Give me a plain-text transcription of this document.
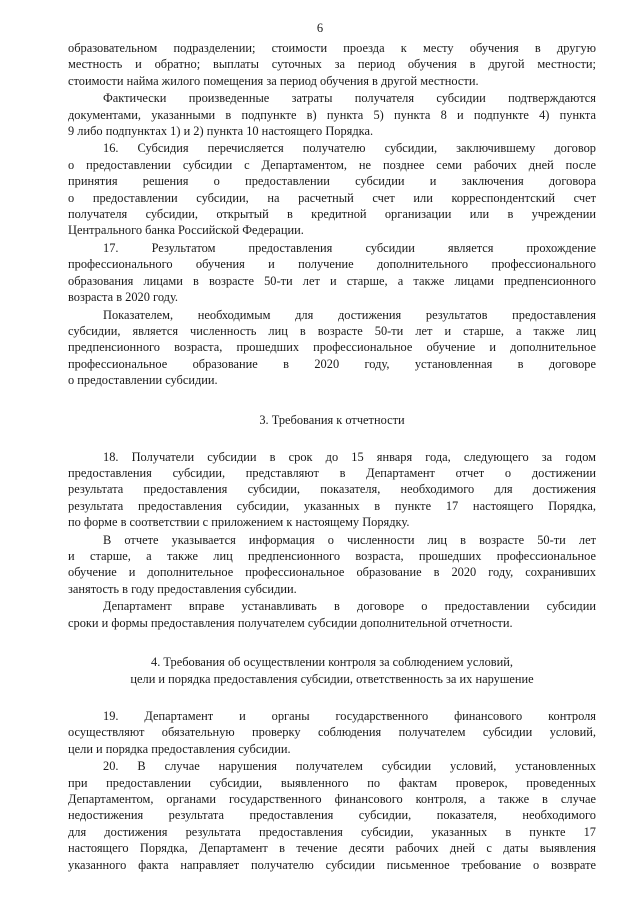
6
образовательном подразделении; стоимости проезда к месту обучения в другую
местность и обратно; выплаты суточных за период обучения в другой местности;
стоимости найма жилого помещения за период обучения в другой местности.
Фактически произведенные затраты получателя субсидии подтверждаются
документами, указанными в подпункте в) пункта 5) пункта 8 и подпункте 4) пункта
9 либо подпунктах 1) и 2) пункта 10 настоящего Порядка.
16. Субсидия перечисляется получателю субсидии, заключившему договор
о предоставлении субсидии с Департаментом, не позднее семи рабочих дней после
принятия решения о предоставлении субсидии и заключения договора
о предоставлении субсидии, на расчетный счет или корреспондентский счет
получателя субсидии, открытый в кредитной организации или в учреждении
Центрального банка Российской Федерации.
17. Результатом предоставления субсидии является прохождение
профессионального обучения и получение дополнительного профессионального
образования лицами в возрасте 50-ти лет и старше, а также лицами предпенсионного
возраста в 2020 году.
Показателем, необходимым для достижения результатов предоставления
субсидии, является численность лиц в возрасте 50-ти лет и старше, а также лиц
предпенсионного возраста, прошедших профессиональное обучение и дополнительное
профессиональное образование в 2020 году, установленная в договоре
о предоставлении субсидии.
3. Требования к отчетности
18. Получатели субсидии в срок до 15 января года, следующего за годом
предоставления субсидии, представляют в Департамент отчет о достижении
результата предоставления субсидии, показателя, необходимого для достижения
результата предоставления субсидии, указанных в пункте 17 настоящего Порядка,
по форме в соответствии с приложением к настоящему Порядку.
В отчете указывается информация о численности лиц в возрасте 50-ти лет
и старше, а также лиц предпенсионного возраста, прошедших профессиональное
обучение и дополнительное профессиональное образование в 2020 году, сохранивших
занятость в году предоставления субсидии.
Департамент вправе устанавливать в договоре о предоставлении субсидии
сроки и формы предоставления получателем субсидии дополнительной отчетности.
4. Требования об осуществлении контроля за соблюдением условий,
цели и порядка предоставления субсидии, ответственность за их нарушение
19. Департамент и органы государственного финансового контроля
осуществляют обязательную проверку соблюдения получателем субсидии условий,
цели и порядка предоставления субсидии.
20. В случае нарушения получателем субсидии условий, установленных
при предоставлении субсидии, выявленного по фактам проверок, проведенных
Департаментом, органами государственного финансового контроля, а также в случае
недостижения результата предоставления субсидии, показателя, необходимого
для достижения результата предоставления субсидии, указанных в пункте 17
настоящего Порядка, Департамент в течение десяти рабочих дней с даты выявления
указанного факта направляет получателю субсидии письменное требование о возврате
